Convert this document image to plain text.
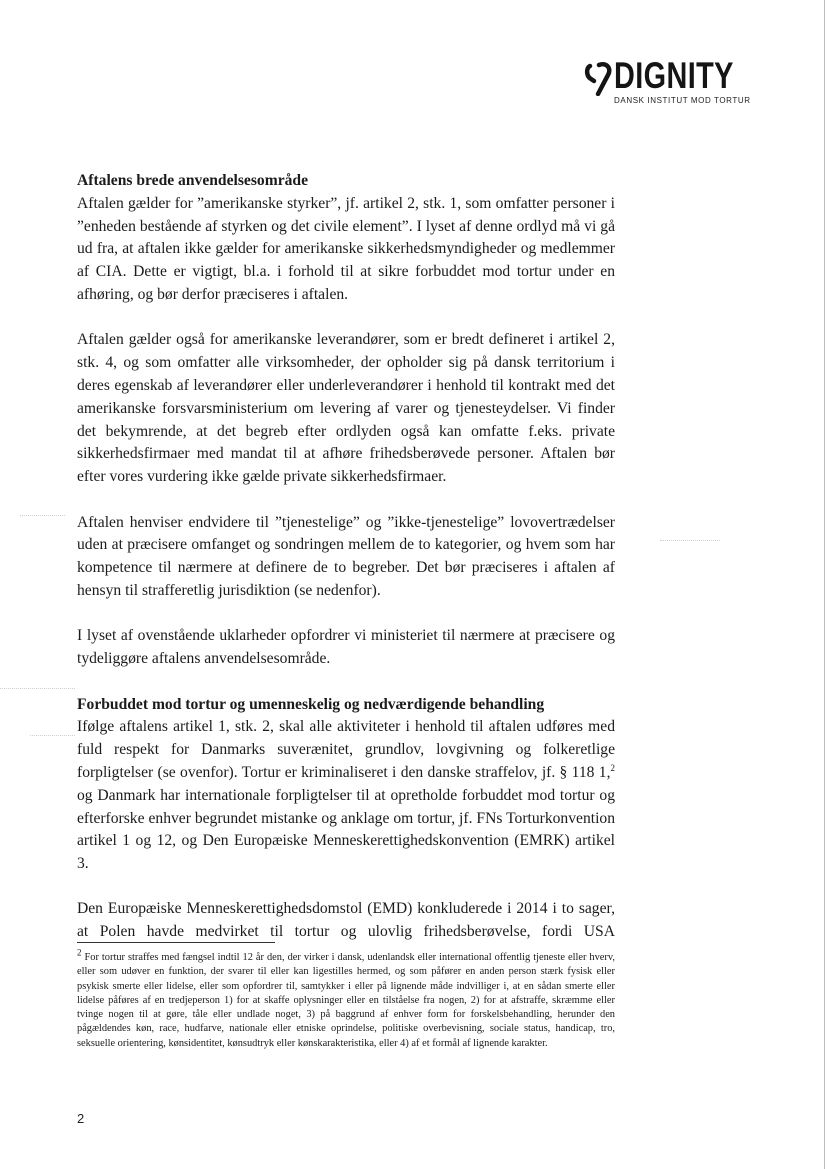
DIGNITY
DANSK INSTITUT MOD TORTUR

Aftalens brede anvendelsesområde

Aftalen gælder for ”amerikanske styrker”, jf. artikel 2, stk. 1, som omfatter personer i ”enheden bestående af styrken og det civile element”. I lyset af denne ordlyd må vi gå ud fra, at aftalen ikke gælder for amerikanske sikkerhedsmyndigheder og medlemmer af CIA. Dette er vigtigt, bl.a. i forhold til at sikre forbuddet mod tortur under en afhøring, og bør derfor præciseres i aftalen.

Aftalen gælder også for amerikanske leverandører, som er bredt defineret i artikel 2, stk. 4, og som omfatter alle virksomheder, der opholder sig på dansk territorium i deres egenskab af leverandører eller underleverandører i henhold til kontrakt med det amerikanske forsvarsministerium om levering af varer og tjenesteydelser. Vi finder det bekymrende, at det begreb efter ordlyden også kan omfatte f.eks. private sikkerhedsfirmaer med mandat til at afhøre frihedsberøvede personer. Aftalen bør efter vores vurdering ikke gælde private sikkerhedsfirmaer.

Aftalen henviser endvidere til ”tjenestelige” og ”ikke-tjenestelige” lovovertrædelser uden at præcisere omfanget og sondringen mellem de to kategorier, og hvem som har kompetence til nærmere at definere de to begreber. Det bør præciseres i aftalen af hensyn til strafferetlig jurisdiktion (se nedenfor).

I lyset af ovenstående uklarheder opfordrer vi ministeriet til nærmere at præcisere og tydeliggøre aftalens anvendelsesområde.

Forbuddet mod tortur og umenneskelig og nedværdigende behandling

Ifølge aftalens artikel 1, stk. 2, skal alle aktiviteter i henhold til aftalen udføres med fuld respekt for Danmarks suverænitet, grundlov, lovgivning og folkeretlige forpligtelser (se ovenfor). Tortur er kriminaliseret i den danske straffelov, jf. § 118 1,$^2$ og Danmark har internationale forpligtelser til at opretholde forbuddet mod tortur og efterforske enhver begrundet mistanke og anklage om tortur, jf. FNs Torturkonvention artikel 1 og 12, og Den Europæiske Menneskerettighedskonvention (EMRK) artikel 3.

Den Europæiske Menneskerettighedsdomstol (EMD) konkluderede i 2014 i to sager, at Polen havde medvirket til tortur og ulovlig frihedsberøvelse, fordi USA

$^2$ For tortur straffes med fængsel indtil 12 år den, der virker i dansk, udenlandsk eller international offentlig tjeneste eller hverv, eller som udøver en funktion, der svarer til eller kan ligestilles hermed, og som påfører en anden person stærk fysisk eller psykisk smerte eller lidelse, eller som opfordrer til, samtykker i eller på lignende måde indvilliger i, at en sådan smerte eller lidelse påføres af en tredjeperson 1) for at skaffe oplysninger eller en tilståelse fra nogen, 2) for at afstraffe, skræmme eller tvinge nogen til at gøre, tåle eller undlade noget, 3) på baggrund af enhver form for forskelsbehandling, herunder den pågældendes køn, race, hudfarve, nationale eller etniske oprindelse, politiske overbevisning, sociale status, handicap, tro, seksuelle orientering, kønsidentitet, kønsudtryk eller kønskarakteristika, eller 4) af et formål af lignende karakter.

2
